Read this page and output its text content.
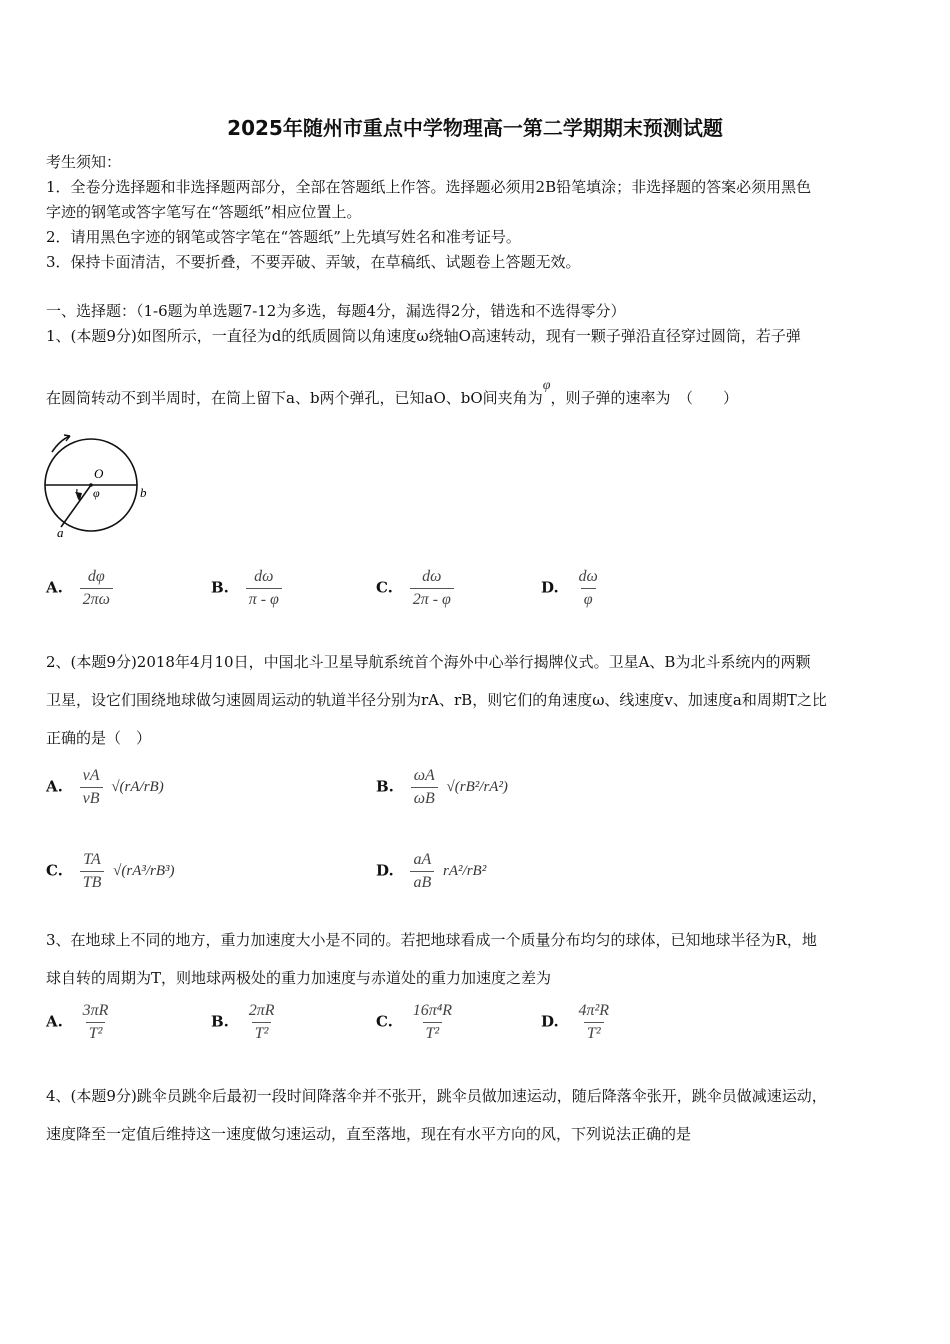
2025年随州市重点中学物理高一第二学期期末预测试题
考生须知：
1．全卷分选择题和非选择题两部分，全部在答题纸上作答。选择题必须用2B铅笔填涂；非选择题的答案必须用黑色
字迹的钢笔或答字笔写在“答题纸”相应位置上。
2．请用黑色字迹的钢笔或答字笔在“答题纸”上先填写姓名和准考证号。
3．保持卡面清洁，不要折叠，不要弄破、弄皱，在草稿纸、试题卷上答题无效。
一、选择题：（1-6题为单选题7-12为多选，每题4分，漏选得2分，错选和不选得零分）
1、(本题9分)如图所示，一直径为d的纸质圆筒以角速度ω绕轴O高速转动，现有一颗子弹沿直径穿过圆筒，若子弹
在圆筒转动不到半周时，在筒上留下a、b两个弹孔，已知aO、bO间夹角为φ，则子弹的速率为　（　　）
O
φ	b
a
A. $\frac{d\varphi}{2\pi\omega}$	B. $\frac{d\omega}{\pi - \varphi}$	C. $\frac{d\omega}{2\pi - \varphi}$	D. $\frac{d\omega}{\varphi}$
2、(本题9分)2018年4月10日，中国北斗卫星导航系统首个海外中心举行揭牌仪式。卫星A、B为北斗系统内的两颗
卫星，设它们围绕地球做匀速圆周运动的轨道半径分别为rA、rB，则它们的角速度ω、线速度v、加速度a和周期T之比
正确的是（　）
A. $\frac{vA}{vB} √(rA/rB)$	B. $\frac{\omega A}{\omega B} √(rB^2/rA^2)$
C. $\frac{TA}{TB} √(rA^3/rB^3)$	D. $\frac{aA}{aB} rA^2/rB^2$
3、在地球上不同的地方，重力加速度大小是不同的。若把地球看成一个质量分布均匀的球体，已知地球半径为R，地
球自转的周期为T，则地球两极处的重力加速度与赤道处的重力加速度之差为
A. $\frac{3\pi R}{\text{T²}}$	B. $\frac{2\pi R}{\text{T²}}$	C. $\frac{\text{16π⁴R}}{\text{T²}}$	D. $\frac{\text{4π²R}}{\text{T²}}$
4、(本题9分)跳伞员跳伞后最初一段时间降落伞并不张开，跳伞员做加速运动，随后降落伞张开，跳伞员做减速运动，
速度降至一定值后维持这一速度做匀速运动，直至落地，现在有水平方向的风，下列说法正确的是
